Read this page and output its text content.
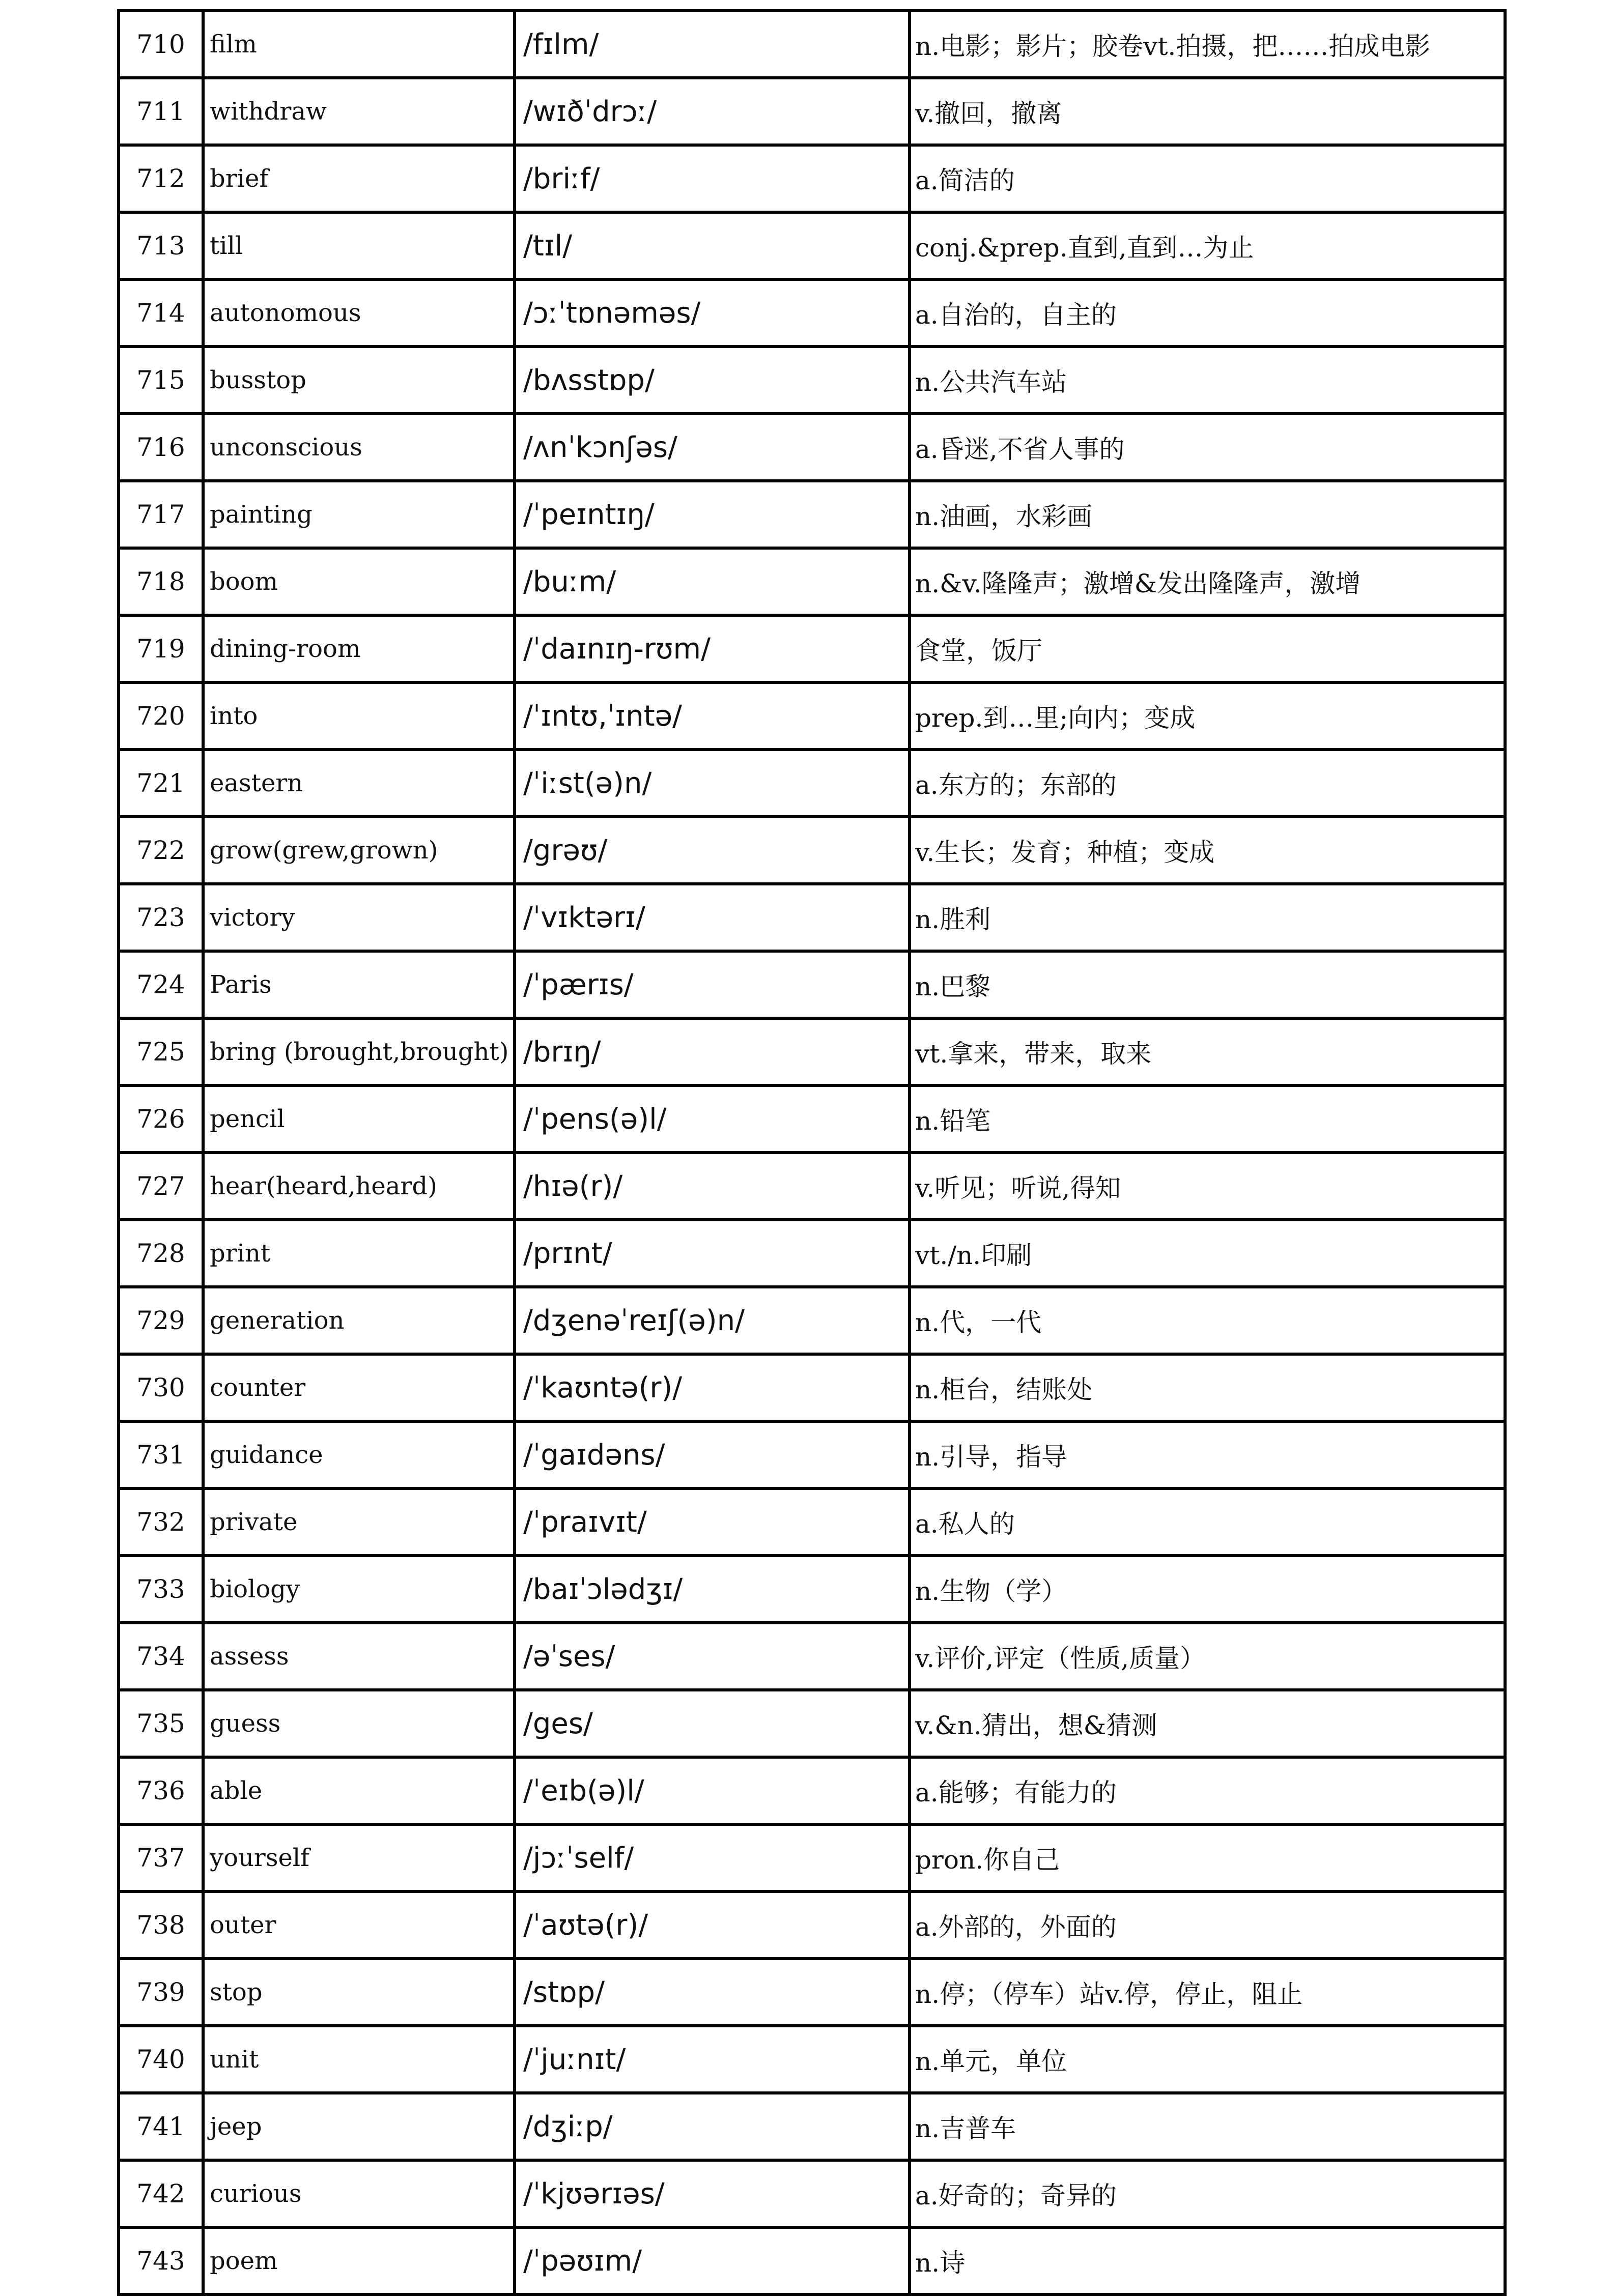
710	film	/fɪlm/	n.电影；影片；胶卷vt.拍摄，把……拍成电影
711	withdraw	/wɪðˈdrɔː/	v.撤回，撤离
712	brief	/briːf/	a.简洁的
713	till	/tɪl/	conj.&prep.直到,直到…为止
714	autonomous	/ɔːˈtɒnəməs/	a.自治的，自主的
715	busstop	/bʌsstɒp/	n.公共汽车站
716	unconscious	/ʌnˈkɔnʃəs/	a.昏迷,不省人事的
717	painting	/ˈpeɪntɪŋ/	n.油画，水彩画
718	boom	/buːm/	n.&v.隆隆声；激增&发出隆隆声，激增
719	dining-room	/ˈdaɪnɪŋ-rʊm/	食堂，饭厅
720	into	/ˈɪntʊ,ˈɪntə/	prep.到…里;向内；变成
721	eastern	/ˈiːst(ə)n/	a.东方的；东部的
722	grow(grew,grown)	/grəʊ/	v.生长；发育；种植；变成
723	victory	/ˈvɪktərɪ/	n.胜利
724	Paris	/ˈpærɪs/	n.巴黎
725	bring (brought,brought)	/brɪŋ/	vt.拿来，带来，取来
726	pencil	/ˈpens(ə)l/	n.铅笔
727	hear(heard,heard)	/hɪə(r)/	v.听见；听说,得知
728	print	/prɪnt/	vt./n.印刷
729	generation	/dʒenəˈreɪʃ(ə)n/	n.代，一代
730	counter	/ˈkaʊntə(r)/	n.柜台，结账处
731	guidance	/ˈgaɪdəns/	n.引导，指导
732	private	/ˈpraɪvɪt/	a.私人的
733	biology	/baɪˈɔlədʒɪ/	n.生物（学）
734	assess	/əˈses/	v.评价,评定（性质,质量）
735	guess	/ges/	v.&n.猜出，想&猜测
736	able	/ˈeɪb(ə)l/	a.能够；有能力的
737	yourself	/jɔːˈself/	pron.你自己
738	outer	/ˈaʊtə(r)/	a.外部的，外面的
739	stop	/stɒp/	n.停；（停车）站v.停，停止，阻止
740	unit	/ˈjuːnɪt/	n.单元，单位
741	jeep	/dʒiːp/	n.吉普车
742	curious	/ˈkjʊərɪəs/	a.好奇的；奇异的
743	poem	/ˈpəʊɪm/	n.诗
